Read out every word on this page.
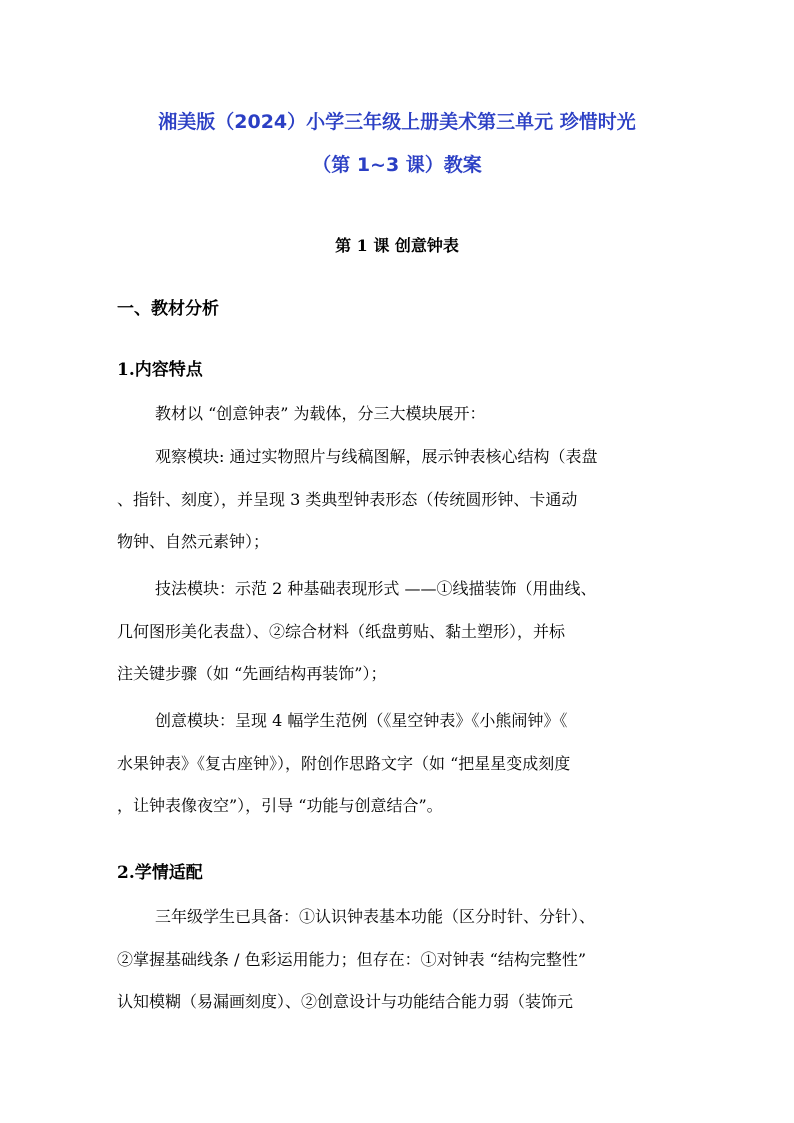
湘美版（2024）小学三年级上册美术第三单元 珍惜时光
（第 1~3 课）教案
第 1 课 创意钟表
一、教材分析
1.内容特点
教材以 “创意钟表” 为载体，分三大模块展开：
观察模块: 通过实物照片与线稿图解，展示钟表核心结构（表盘
、指针、刻度），并呈现 3 类典型钟表形态（传统圆形钟、卡通动
物钟、自然元素钟）；
技法模块：示范 2 种基础表现形式 ——①线描装饰（用曲线、
几何图形美化表盘）、②综合材料（纸盘剪贴、黏土塑形），并标
注关键步骤（如 “先画结构再装饰”）；
创意模块：呈现 4 幅学生范例（《星空钟表》《小熊闹钟》《
水果钟表》《复古座钟》），附创作思路文字（如 “把星星变成刻度
，让钟表像夜空”），引导 “功能与创意结合”。
2.学情适配
三年级学生已具备：①认识钟表基本功能（区分时针、分针）、
②掌握基础线条 / 色彩运用能力；但存在：①对钟表 “结构完整性”
认知模糊（易漏画刻度）、②创意设计与功能结合能力弱（装饰元
